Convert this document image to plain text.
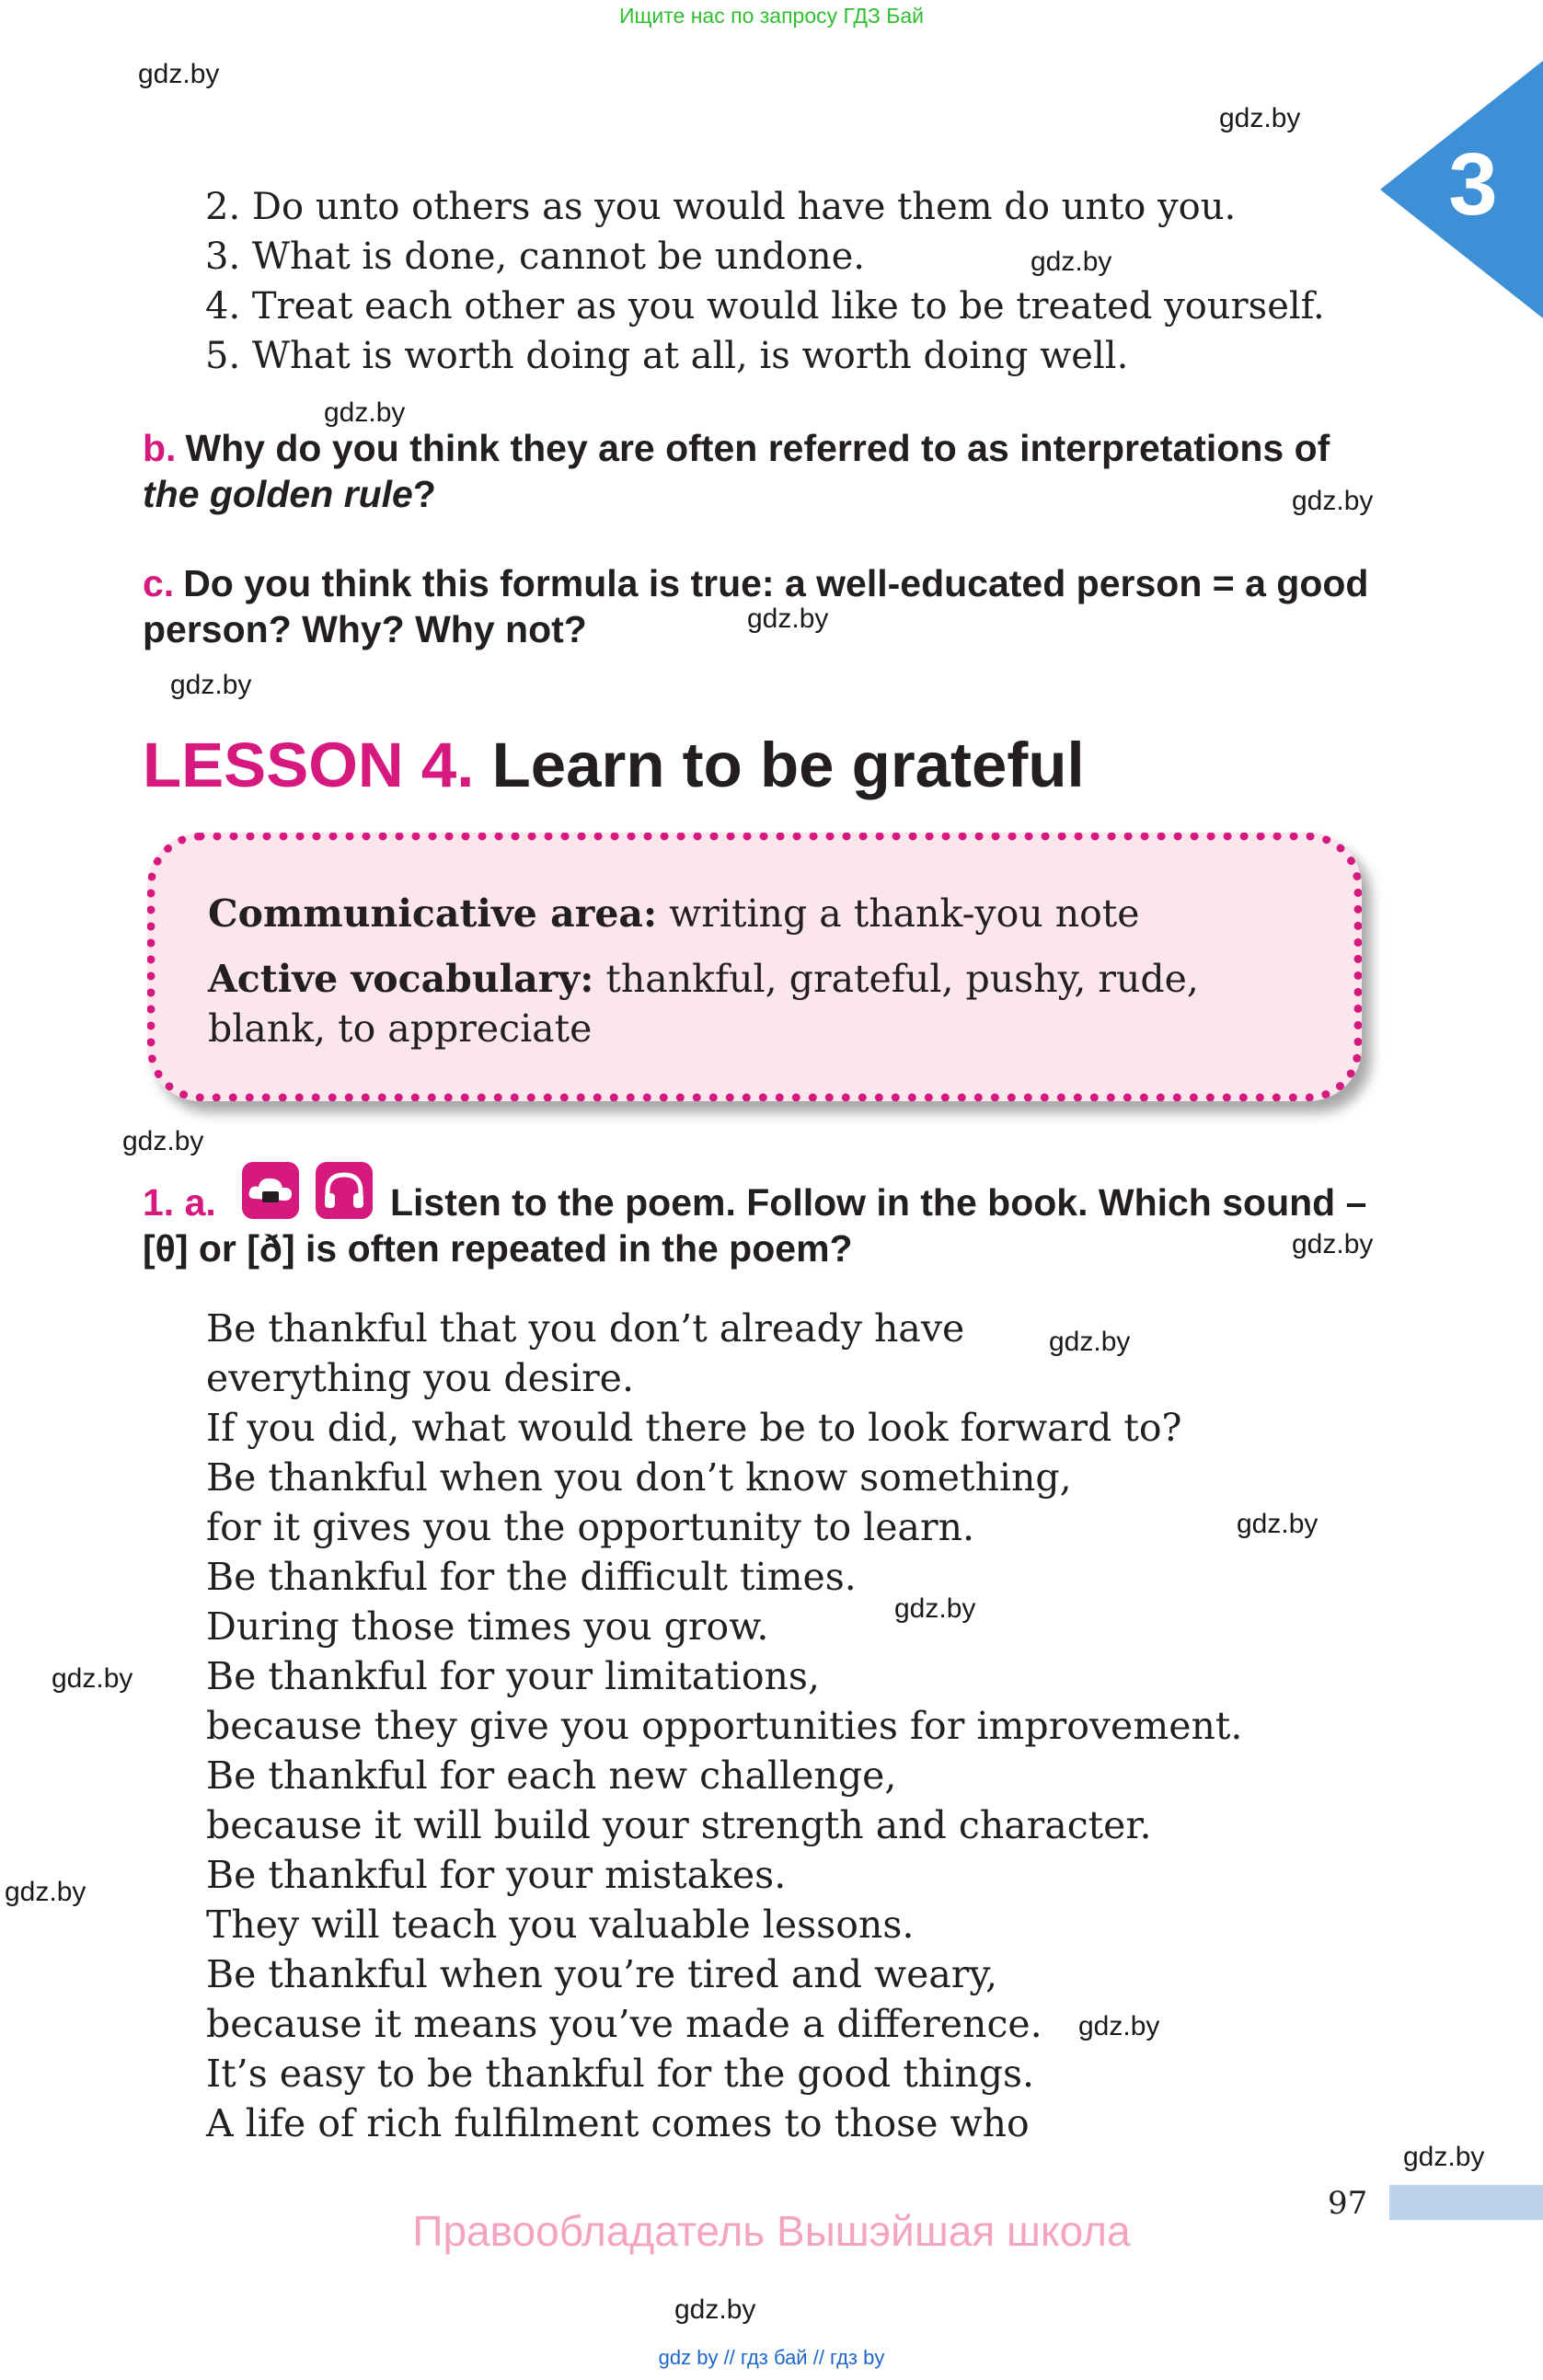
Ищите нас по запросу ГДЗ Бай
3
gdz.by
gdz.by
gdz.by
gdz.by
gdz.by
gdz.by
gdz.by
gdz.by
gdz.by
gdz.by
gdz.by
gdz.by
gdz.by
gdz.by
gdz.by
gdz.by
gdz.by
2. Do unto others as you would have them do unto you.
3. What is done, cannot be undone.
4. Treat each other as you would like to be treated yourself.
5. What is worth doing at all, is worth doing well.
b. Why do you think they are often referred to as interpretations of the golden rule?
c. Do you think this formula is true: a well-educated person = a good person? Why? Why not?
LESSON 4. Learn to be grateful
Communicative area: writing a thank-you note
Active vocabulary: thankful, grateful, pushy, rude,
blank, to appreciate
1. a.	Listen to the poem. Follow in the book. Which sound –
[θ] or [ð] is often repeated in the poem?
Be thankful that you don’t already have
everything you desire.
If you did, what would there be to look forward to?
Be thankful when you don’t know something,
for it gives you the opportunity to learn.
Be thankful for the difficult times.
During those times you grow.
Be thankful for your limitations,
because they give you opportunities for improvement.
Be thankful for each new challenge,
because it will build your strength and character.
Be thankful for your mistakes.
They will teach you valuable lessons.
Be thankful when you’re tired and weary,
because it means you’ve made a difference.
It’s easy to be thankful for the good things.
A life of rich fulfilment comes to those who
97
Правообладатель Вышэйшая школа
gdz by // гдз бай // гдз by
